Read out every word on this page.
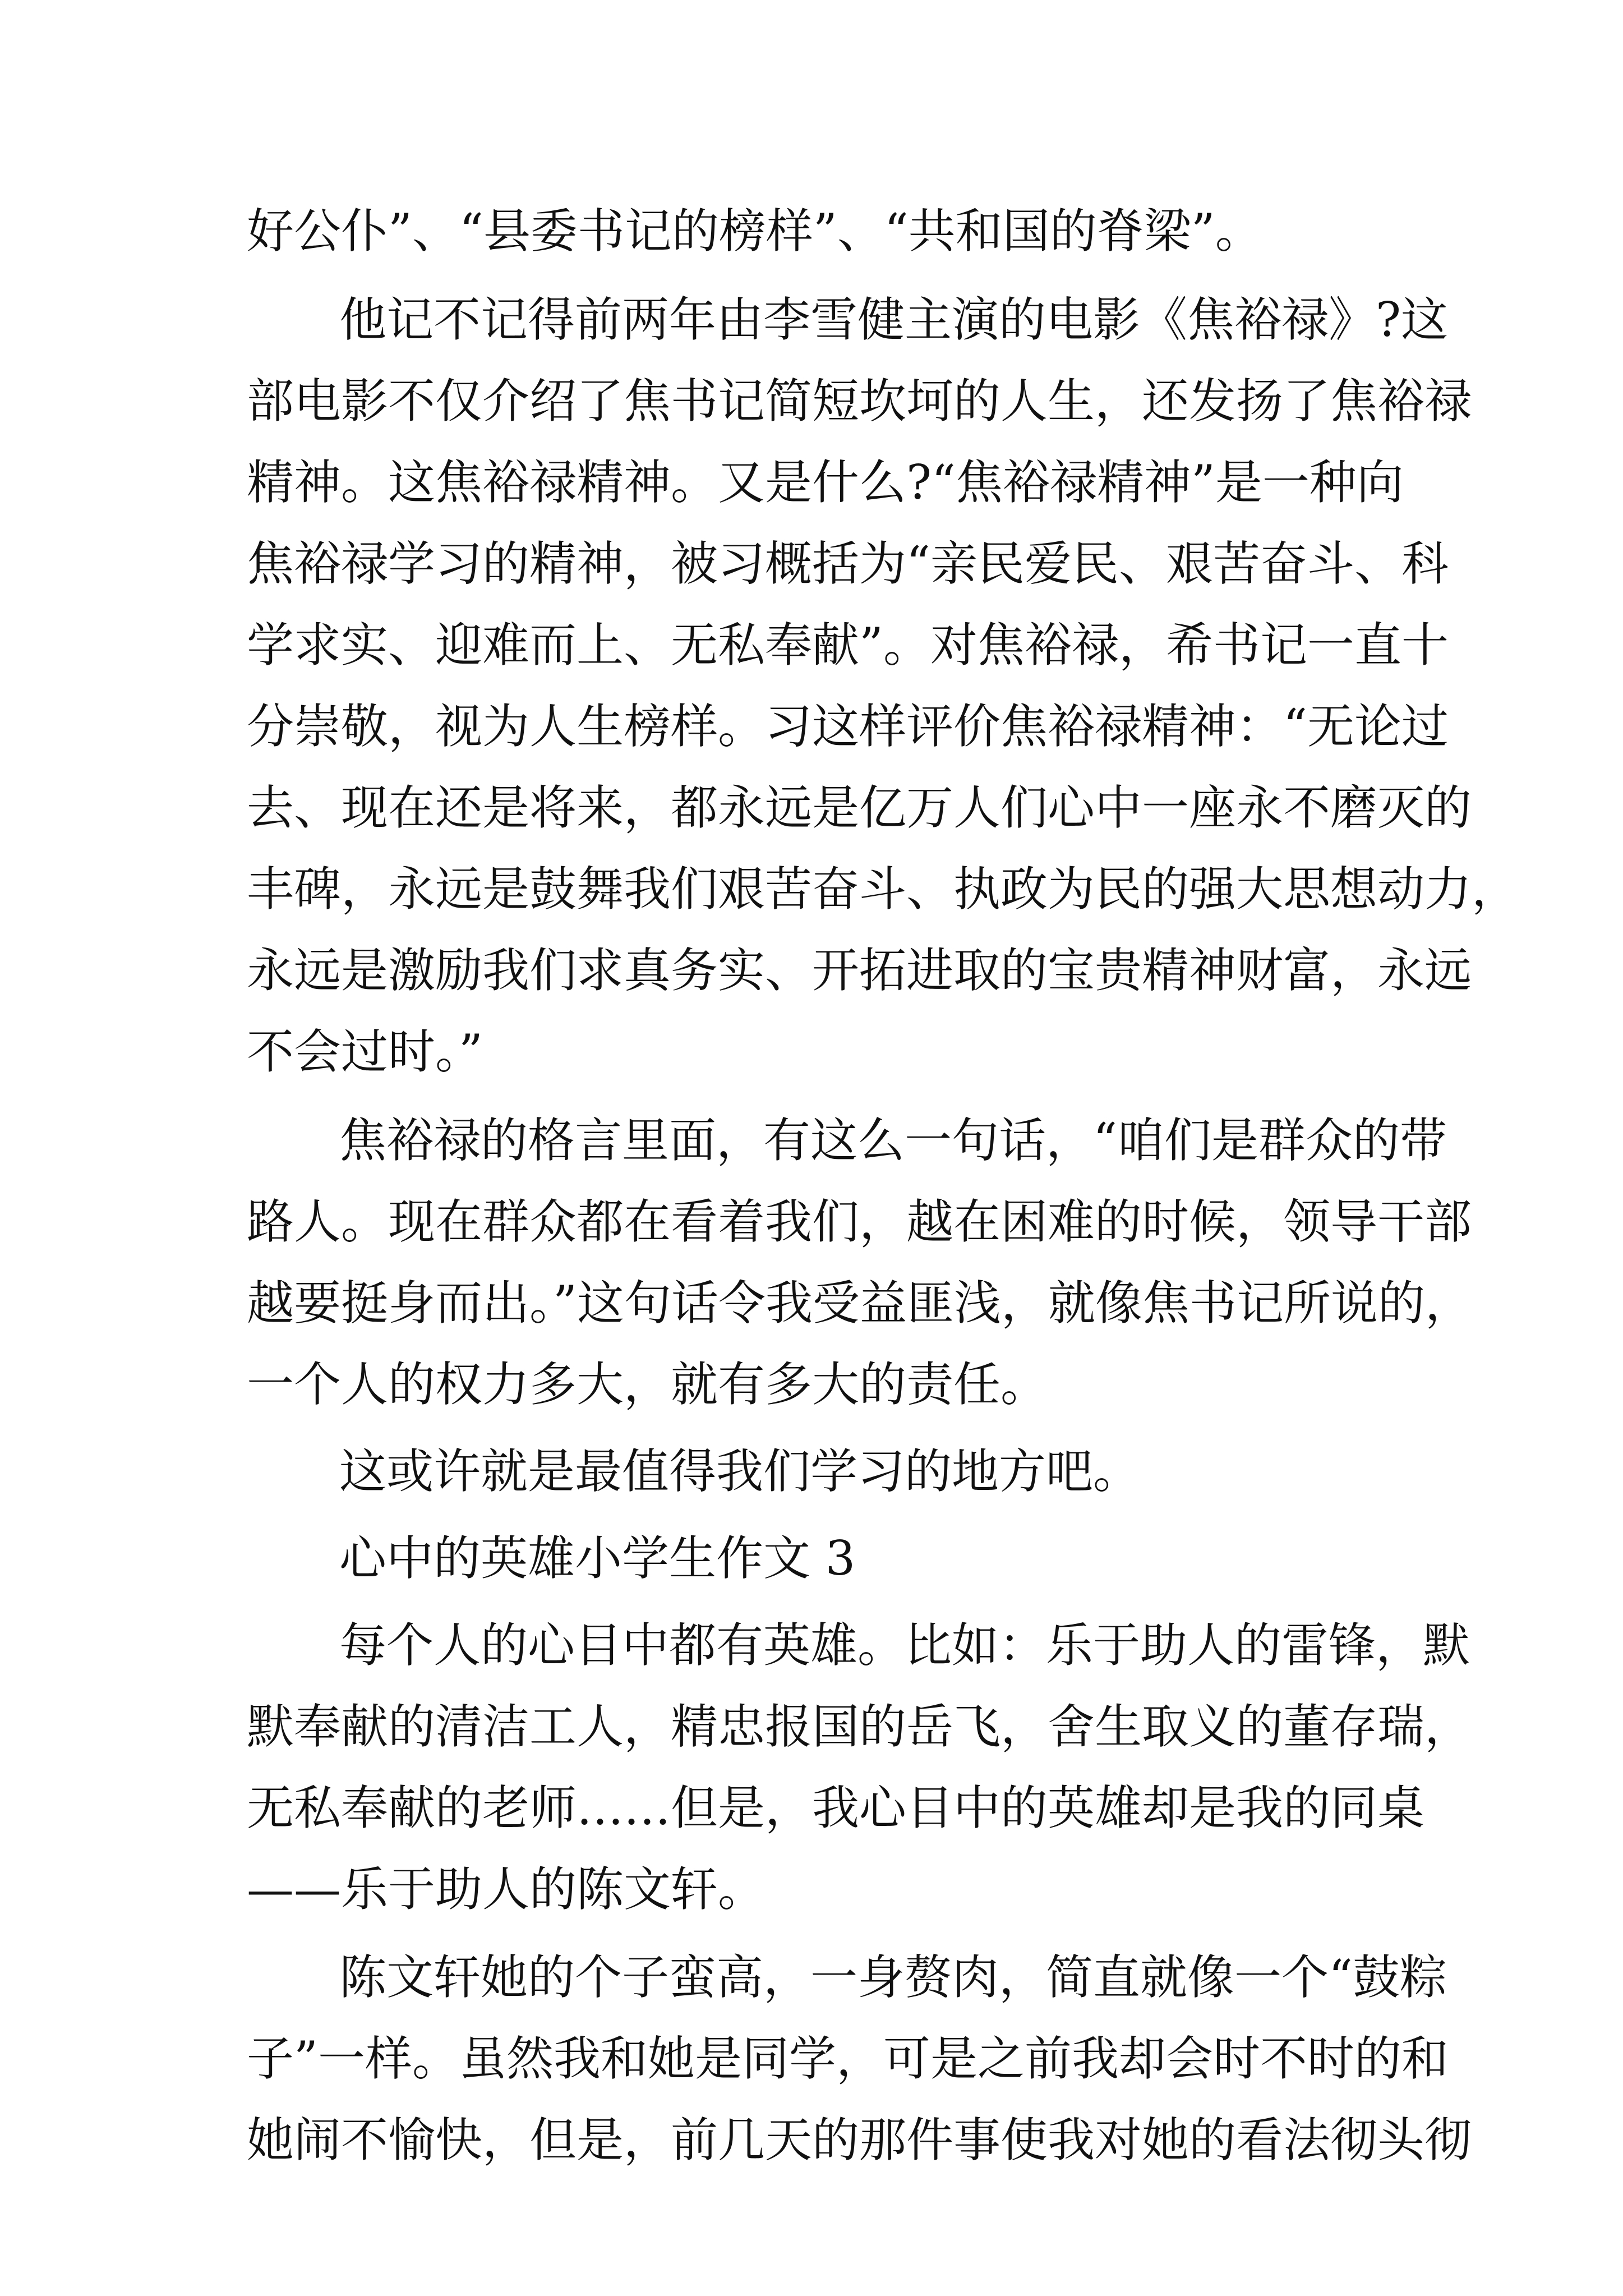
好公仆”、“县委书记的榜样”、“共和国的脊梁”。
他记不记得前两年由李雪健主演的电影《焦裕禄》?这
部电影不仅介绍了焦书记简短坎坷的人生，还发扬了焦裕禄
精神。这焦裕禄精神。又是什么?“焦裕禄精神”是一种向
焦裕禄学习的精神，被习概括为“亲民爱民、艰苦奋斗、科
学求实、迎难而上、无私奉献”。对焦裕禄，希书记一直十
分崇敬，视为人生榜样。习这样评价焦裕禄精神：“无论过
去、现在还是将来，都永远是亿万人们心中一座永不磨灭的
丰碑，永远是鼓舞我们艰苦奋斗、执政为民的强大思想动力，
永远是激励我们求真务实、开拓进取的宝贵精神财富，永远
不会过时。”
焦裕禄的格言里面，有这么一句话，“咱们是群众的带
路人。现在群众都在看着我们，越在困难的时候，领导干部
越要挺身而出。”这句话令我受益匪浅，就像焦书记所说的，
一个人的权力多大，就有多大的责任。
这或许就是最值得我们学习的地方吧。
心中的英雄小学生作文 3
每个人的心目中都有英雄。比如：乐于助人的雷锋，默
默奉献的清洁工人，精忠报国的岳飞，舍生取义的董存瑞，
无私奉献的老师……但是，我心目中的英雄却是我的同桌
——乐于助人的陈文轩。
陈文轩她的个子蛮高，一身赘肉，简直就像一个“鼓粽
子”一样。虽然我和她是同学，可是之前我却会时不时的和
她闹不愉快，但是，前几天的那件事使我对她的看法彻头彻
